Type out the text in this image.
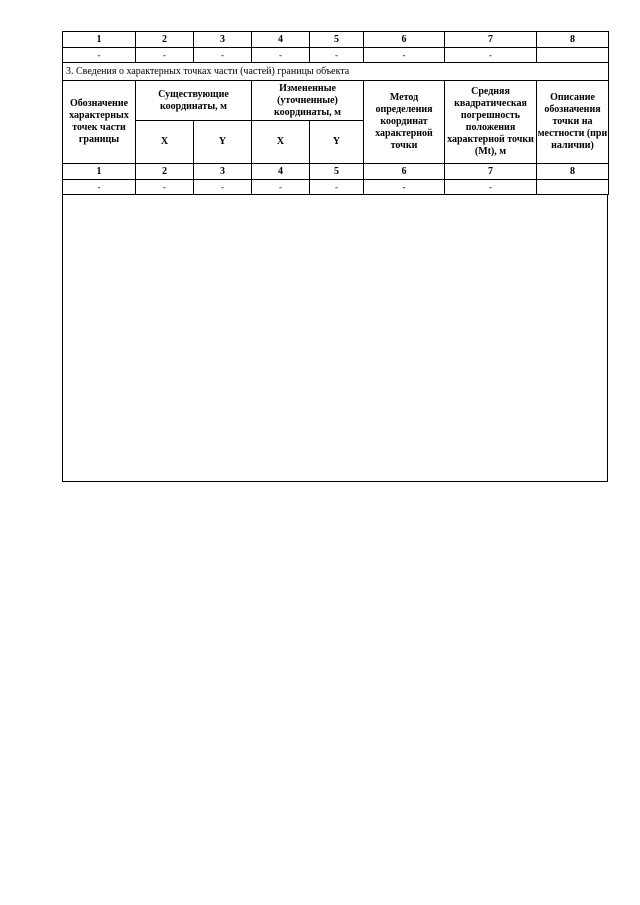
1	2	3	4	5	6	7	8
-	-	-	-	-	-	-	
3. Сведения о характерных точках части (частей) границы объекта							
Обозначение характерных точек части границы	Существующие координаты, м		Измененные (уточненные) координаты, м		Метод определения координат характерной точки	Средняя квадратическая погрешность положения характерной точки (Mt), м	Описание обозначения точки на местности (при наличии)
	X	Y	X	Y			
1	2	3	4	5	6	7	8
-	-	-	-	-	-	-	
